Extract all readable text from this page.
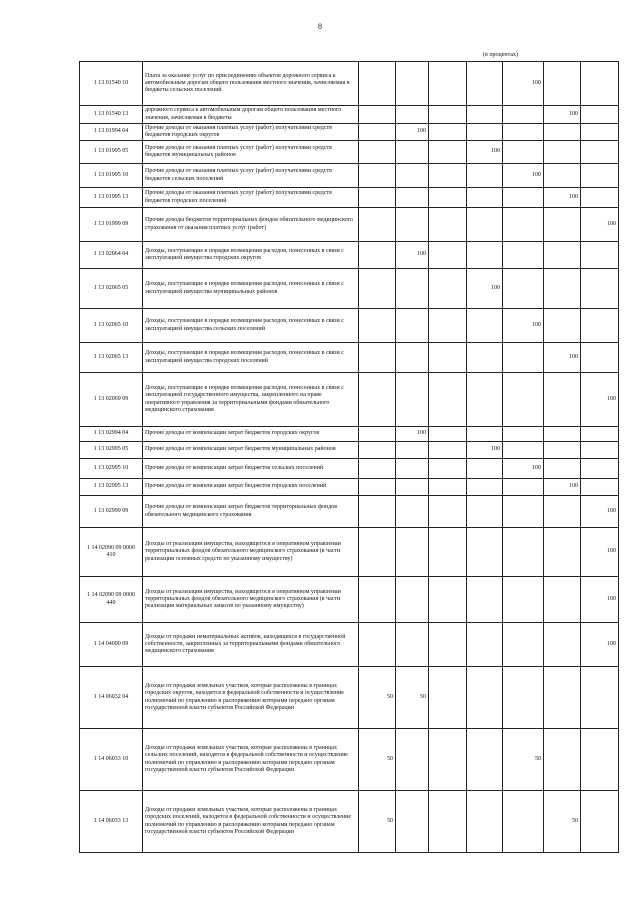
8
(в процентах)
1 13 01540 10	Плата за оказание услуг по присоединению объектов дорожного сервиса к автомобильным дорогам общего пользования местного значения, зачисляемая в бюджеты сельских поселений					100		
1 13 01540 13	дорожного сервиса к автомобильным дорогам общего пользования местного значения, зачисляемая в бюджеты						100	
1 13 01994 04	Прочие доходы от оказания платных услуг (работ) получателями средств бюджетов городских округов		100					
1 13 01995 05	Прочие доходы от оказания платных услуг (работ) получателями средств бюджетов муниципальных районов				100			
1 13 01995 10	Прочие доходы от оказания платных услуг (работ) получателями средств бюджетов сельских поселений					100		
1 13 01995 13	Прочие доходы от оказания платных услуг (работ) получателями средств бюджетов городских поселений						100	
1 13 01999 09	Прочие доходы бюджетов территориальных фондов обязательного медицинского страхования от оказания платных услуг (работ)							100
1 13 02064 04	Доходы, поступающие в порядке возмещения расходов, понесенных в связи с эксплуатацией имущества городских округов		100					
1 13 02065 05	Доходы, поступающие в порядке возмещения расходов, понесенных в связи с эксплуатацией имущества муниципальных районов				100			
1 13 02065 10	Доходы, поступающие в порядке возмещения расходов, понесенных в связи с эксплуатацией имущества сельских поселений					100		
1 13 02065 13	Доходы, поступающие в порядке возмещения расходов, понесенных в связи с эксплуатацией имущества городских поселений						100	
1 13 02069 09	Доходы, поступающие в порядке возмещения расходов, понесенных в связи с эксплуатацией государственного имущества, закрепленного на праве оперативного управления за территориальными фондами обязательного медицинского страхования							100
1 13 02994 04	Прочие доходы от компенсации затрат бюджетов городских округов		100					
1 13 02995 05	Прочие доходы от компенсации затрат бюджетов муниципальных районов				100			
1 13 02995 10	Прочие доходы от компенсации затрат бюджетов сельских поселений					100		
1 13 02995 13	Прочие доходы от компенсации затрат бюджетов городских поселений						100	
1 13 02999 09	Прочие доходы от компенсации затрат бюджетов территориальных фондов обязательного медицинского страхования							100
1 14 02090 09 0000 410	Доходы от реализации имущества, находящегося в оперативном управлении территориальных фондов обязательного медицинского страхования (в части реализации основных средств по указанному имуществу)							100
1 14 02090 09 0000 440	Доходы от реализации имущества, находящегося в оперативном управлении территориальных фондов обязательного медицинского страхования (в части реализации материальных запасов по указанному имуществу)							100
1 14 04090 09	Доходы от продажи нематериальных активов, находящихся в государственной собственности, закрепленных за территориальными фондами обязательного медицинского страхования							100
1 14 06032 04	Доходы от продажи земельных участков, которые расположены в границах городских округов, находятся в федеральной собственности и осуществление полномочий по управлению и распоряжению которыми передано органам государственной власти субъектов Российской Федерации	50	50					
1 14 06033 10	Доходы от продажи земельных участков, которые расположены в границах сельских поселений, находятся в федеральной собственности и осуществление полномочий по управлению и распоряжению которыми передано органам государственной власти субъектов Российской Федерации	50				50		
1 14 06033 13	Доходы от продажи земельных участков, которые расположены в границах городских поселений, находятся в федеральной собственности и осуществление полномочий по управлению и распоряжению которыми передано органам государственной власти субъектов Российской Федерации	50					50	
